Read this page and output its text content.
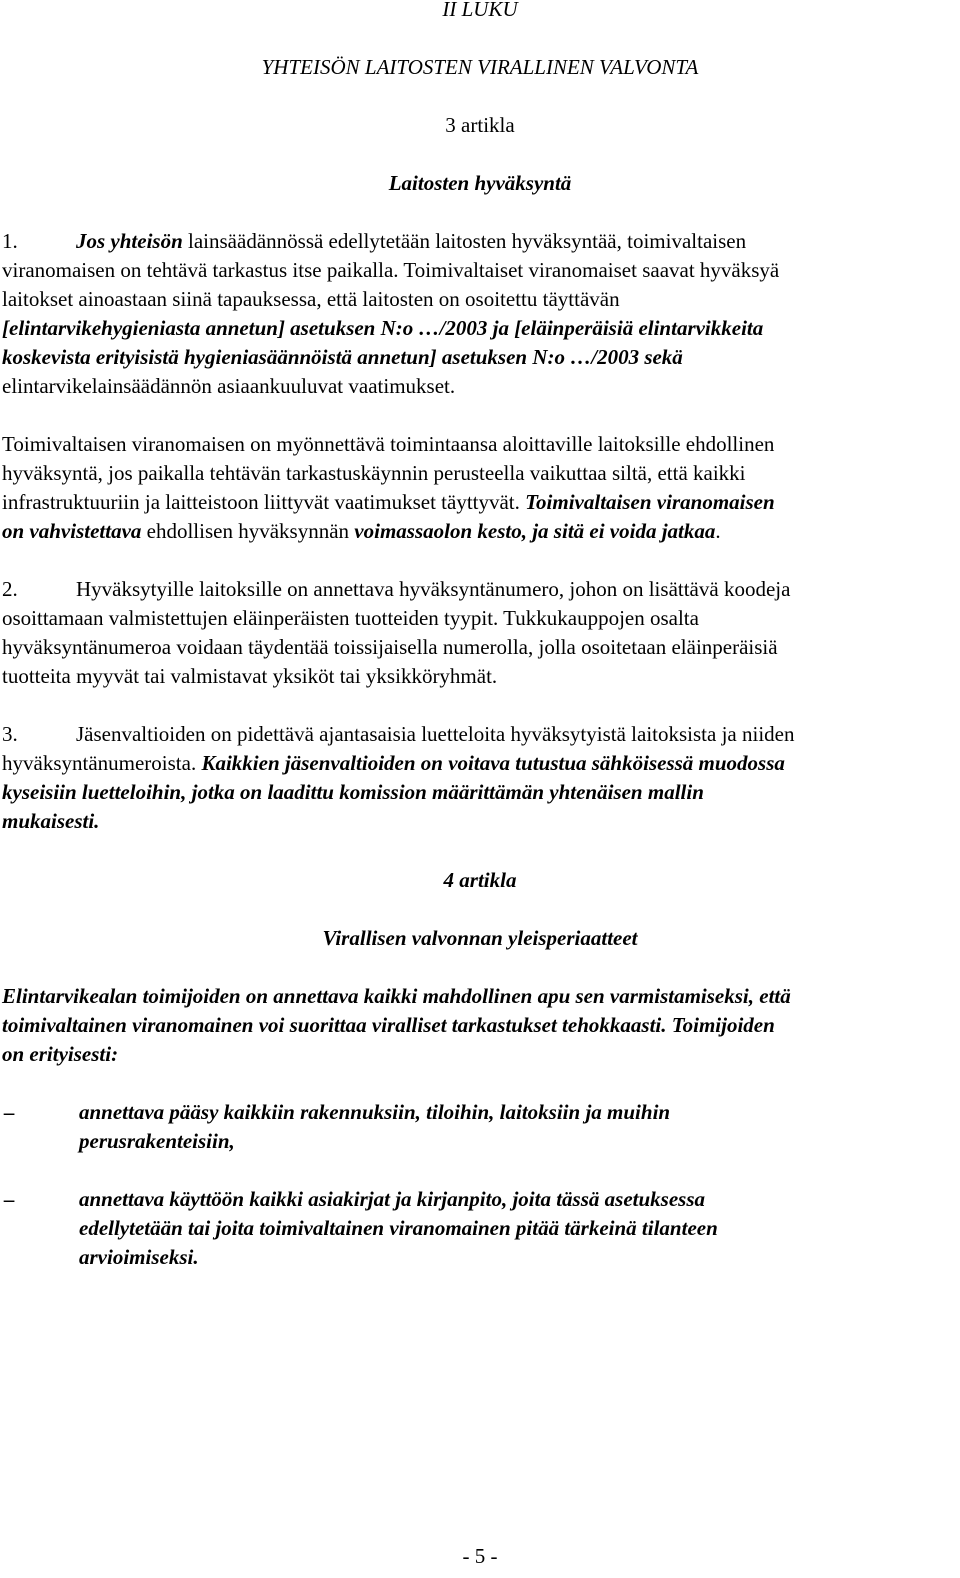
II LUKU
YHTEISÖN LAITOSTEN VIRALLINEN VALVONTA
3 artikla
Laitosten hyväksyntä
1.	Jos yhteisön lainsäädännössä edellytetään laitosten hyväksyntää, toimivaltaisen
viranomaisen on tehtävä tarkastus itse paikalla. Toimivaltaiset viranomaiset saavat hyväksyä
laitokset ainoastaan siinä tapauksessa, että laitosten on osoitettu täyttävän
[elintarvikehygieniasta annetun] asetuksen N:o …/2003 ja [eläinperäisiä elintarvikkeita
koskevista erityisistä hygieniasäännöistä annetun] asetuksen N:o …/2003 sekä
elintarvikelainsäädännön asiaankuuluvat vaatimukset.
Toimivaltaisen viranomaisen on myönnettävä toimintaansa aloittaville laitoksille ehdollinen
hyväksyntä, jos paikalla tehtävän tarkastuskäynnin perusteella vaikuttaa siltä, että kaikki
infrastruktuuriin ja laitteistoon liittyvät vaatimukset täyttyvät. Toimivaltaisen viranomaisen
on vahvistettava ehdollisen hyväksynnän voimassaolon kesto, ja sitä ei voida jatkaa.
2.	Hyväksytyille laitoksille on annettava hyväksyntänumero, johon on lisättävä koodeja
osoittamaan valmistettujen eläinperäisten tuotteiden tyypit. Tukkukauppojen osalta
hyväksyntänumeroa voidaan täydentää toissijaisella numerolla, jolla osoitetaan eläinperäisiä
tuotteita myyvät tai valmistavat yksiköt tai yksikköryhmät.
3.	Jäsenvaltioiden on pidettävä ajantasaisia luetteloita hyväksytyistä laitoksista ja niiden
hyväksyntänumeroista. Kaikkien jäsenvaltioiden on voitava tutustua sähköisessä muodossa
kyseisiin luetteloihin, jotka on laadittu komission määrittämän yhtenäisen mallin
mukaisesti.
4 artikla
Virallisen valvonnan yleisperiaatteet
Elintarvikealan toimijoiden on annettava kaikki mahdollinen apu sen varmistamiseksi, että
toimivaltainen viranomainen voi suorittaa viralliset tarkastukset tehokkaasti. Toimijoiden
on erityisesti:
–	annettava pääsy kaikkiin rakennuksiin, tiloihin, laitoksiin ja muihin
perusrakenteisiin,
–	annettava käyttöön kaikki asiakirjat ja kirjanpito, joita tässä asetuksessa
edellytetään tai joita toimivaltainen viranomainen pitää tärkeinä tilanteen
arvioimiseksi.
- 5 -
